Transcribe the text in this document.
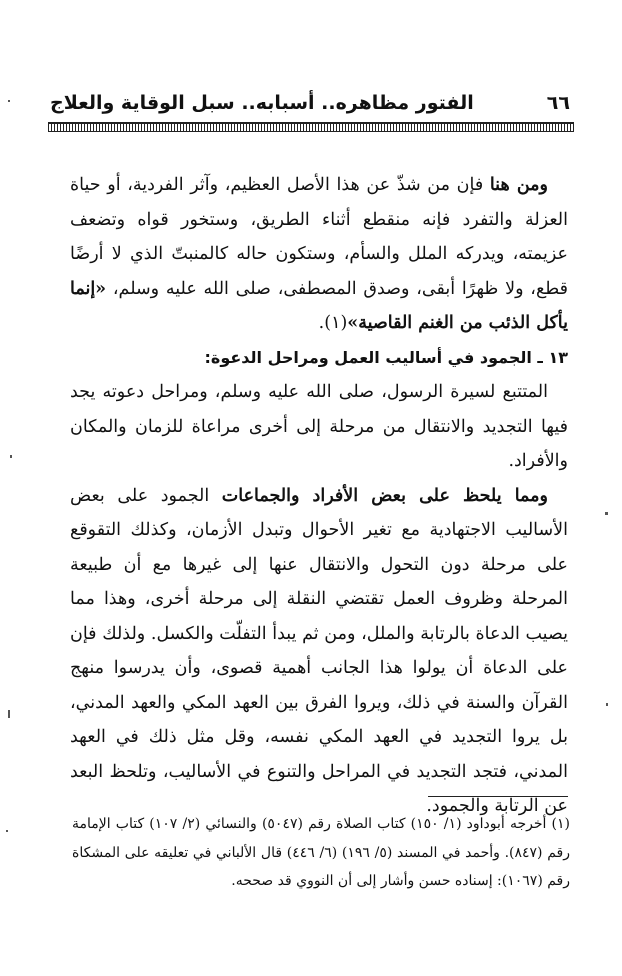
٦٦
الفتور مظاهره.. أسبابه.. سبل الوقاية والعلاج

ومن هنا فإن من شذّ عن هذا الأصل العظيم، وآثر الفردية، أو حياة العزلة والتفرد فإنه منقطع أثناء الطريق، وستخور قواه وتضعف عزيمته، ويدركه الملل والسأم، وستكون حاله كالمنبتّ الذي لا أرضًا قطع، ولا ظهرًا أبقى، وصدق المصطفى، صلى الله عليه وسلم، «إنما يأكل الذئب من الغنم القاصية»(١).

١٣ ـ الجمود في أساليب العمل ومراحل الدعوة:

المتتبع لسيرة الرسول، صلى الله عليه وسلم، ومراحل دعوته يجد فيها التجديد والانتقال من مرحلة إلى أخرى مراعاة للزمان والمكان والأفراد.

ومما يلحظ على بعض الأفراد والجماعات الجمود على بعض الأساليب الاجتهادية مع تغير الأحوال وتبدل الأزمان، وكذلك التقوقع على مرحلة دون التحول والانتقال عنها إلى غيرها مع أن طبيعة المرحلة وظروف العمل تقتضي النقلة إلى مرحلة أخرى، وهذا مما يصيب الدعاة بالرتابة والملل، ومن ثم يبدأ التفلّت والكسل. ولذلك فإن على الدعاة أن يولوا هذا الجانب أهمية قصوى، وأن يدرسوا منهج القرآن والسنة في ذلك، ويروا الفرق بين العهد المكي والعهد المدني، بل يروا التجديد في العهد المكي نفسه، وقل مثل ذلك في العهد المدني، فتجد التجديد في المراحل والتنوع في الأساليب، وتلحظ البعد عن الرتابة والجمود.

(١) أخرجه أبوداود (١/ ١٥٠) كتاب الصلاة رقم (٥٠٤٧) والنسائي (٢/ ١٠٧) كتاب الإمامة رقم (٨٤٧). وأحمد في المسند (٥/ ١٩٦) (٦/ ٤٤٦) قال الألباني في تعليقه على المشكاة رقم (١٠٦٧): إسناده حسن وأشار إلى أن النووي قد صححه.
